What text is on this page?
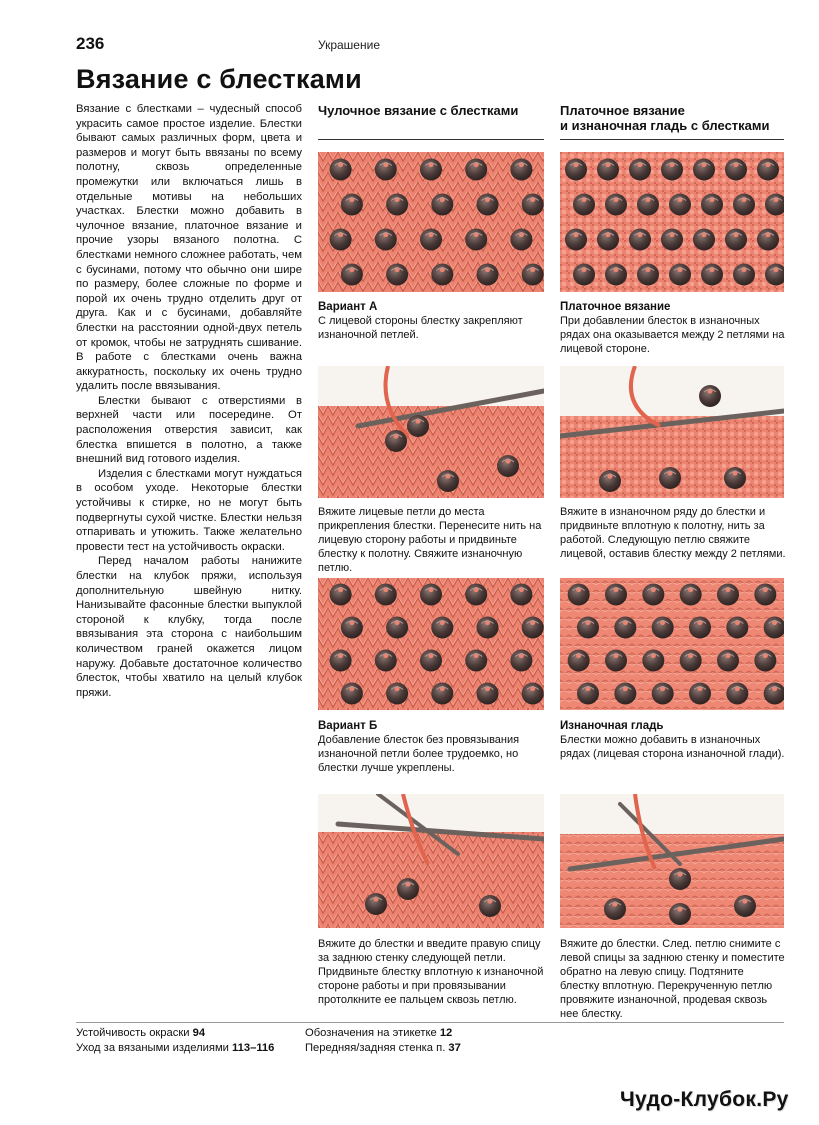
236	Украшение
Вязание с блестками

Вязание с блестками – чудесный способ украсить самое простое изделие. Блестки бывают самых различных форм, цвета и размеров и могут быть ввязаны по всему полотну, сквозь определенные промежутки или включаться лишь в отдельные мотивы на небольших участках. Блестки можно добавить в чулочное вязание, платочное вязание и прочие узоры вязаного полотна. С блестками немного сложнее работать, чем с бусинами, потому что обычно они шире по размеру, более сложные по форме и порой их очень трудно отделить друг от друга. Как и с бусинами, добавляйте блестки на расстоянии одной-двух петель от кромок, чтобы не затруднять сшивание. В работе с блестками очень важна аккуратность, поскольку их очень трудно удалить после ввязывания.

Блестки бывают с отверстиями в верхней части или посередине. От расположения отверстия зависит, как блестка впишется в полотно, а также внешний вид готового изделия.

Изделия с блестками могут нуждаться в особом уходе. Некоторые блестки устойчивы к стирке, но не могут быть подвергнуты сухой чистке. Блестки нельзя отпаривать и утюжить. Также желательно провести тест на устойчивость окраски.

Перед началом работы нанижите блестки на клубок пряжи, используя дополнительную швейную нитку. Нанизывайте фасонные блестки выпуклой стороной к клубку, тогда после ввязывания эта сторона с наибольшим количеством граней окажется лицом наружу. Добавьте достаточное количество блесток, чтобы хватило на целый клубок пряжи.

Чулочное вязание с блестками
Вариант А
С лицевой стороны блестку закрепляют изнаночной петлей.
Вяжите лицевые петли до места прикрепления блестки. Перенесите нить на лицевую сторону работы и придвиньте блестку к полотну. Свяжите изнаночную петлю.
Вариант Б
Добавление блесток без провязывания изнаночной петли более трудоемко, но блестки лучше укреплены.
Вяжите до блестки и введите правую спицу за заднюю стенку следующей петли. Придвиньте блестку вплотную к изнаночной стороне работы и при провязывании протолкните ее пальцем сквозь петлю.
Платочное вязание
и изнаночная гладь с блестками
Платочное вязание
При добавлении блесток в изнаночных рядах она оказывается между 2 петлями на лицевой стороне.
Вяжите в изнаночном ряду до блестки и придвиньте вплотную к полотну, нить за работой. Следующую петлю свяжите лицевой, оставив блестку между 2 петлями.
Изнаночная гладь
Блестки можно добавить в изнаночных рядах (лицевая сторона изнаночной глади).
Вяжите до блестки. След. петлю снимите с левой спицы за заднюю стенку и поместите обратно на левую спицу. Подтяните блестку вплотную. Перекрученную петлю провяжите изнаночной, продевая сквозь нее блестку.
Устойчивость окраски 94
Уход за вязаными изделиями 113–116
Обозначения на этикетке 12
Передняя/задняя стенка п. 37
Чудо-Клубок.Ру
